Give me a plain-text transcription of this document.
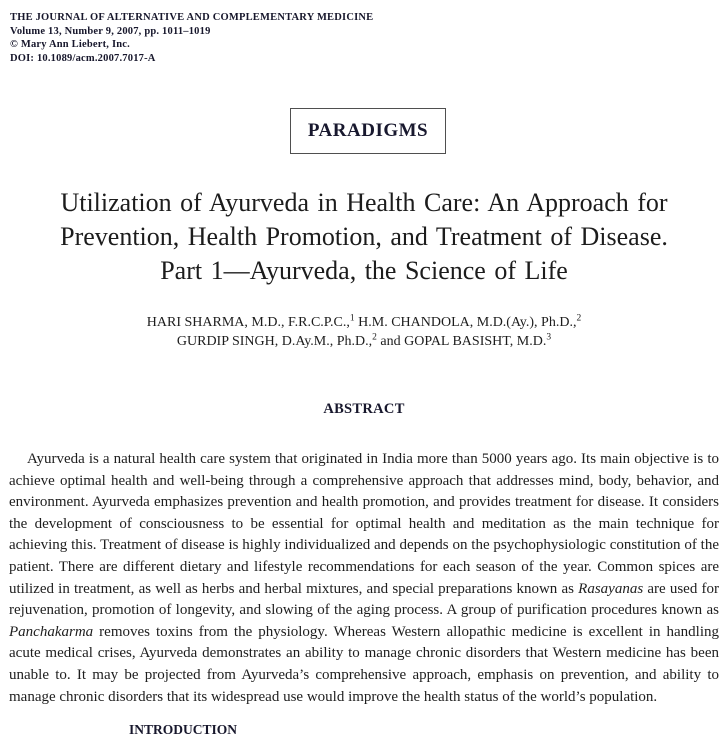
THE JOURNAL OF ALTERNATIVE AND COMPLEMENTARY MEDICINE
Volume 13, Number 9, 2007, pp. 1011–1019
© Mary Ann Liebert, Inc.
DOI: 10.1089/acm.2007.7017-A
PARADIGMS
Utilization of Ayurveda in Health Care: An Approach for
Prevention, Health Promotion, and Treatment of Disease.
Part 1—Ayurveda, the Science of Life
HARI SHARMA, M.D., F.R.C.P.C.,$^1$ H.M. CHANDOLA, M.D.(Ay.), Ph.D.,$^2$
GURDIP SINGH, D.Ay.M., Ph.D.,$^2$ and GOPAL BASISHT, M.D.$^3$
ABSTRACT

Ayurveda is a natural health care system that originated in India more than 5000 years ago. Its main objective is to achieve optimal health and well-being through a comprehensive approach that addresses mind, body, behavior, and environment. Ayurveda emphasizes prevention and health promotion, and provides treatment for disease. It considers the development of consciousness to be essential for optimal health and meditation as the main technique for achieving this. Treatment of disease is highly individualized and depends on the psychophysiologic constitution of the patient. There are different dietary and lifestyle recommendations for each season of the year. Common spices are utilized in treatment, as well as herbs and herbal mixtures, and special preparations known as Rasayanas are used for rejuvenation, promotion of longevity, and slowing of the aging process. A group of purification procedures known as Panchakarma removes toxins from the physiology. Whereas Western allopathic medicine is excellent in handling acute medical crises, Ayurveda demonstrates an ability to manage chronic disorders that Western medicine has been unable to. It may be projected from Ayurveda’s comprehensive approach, emphasis on prevention, and ability to manage chronic disorders that its widespread use would improve the health status of the world’s population.

INTRODUCTION
